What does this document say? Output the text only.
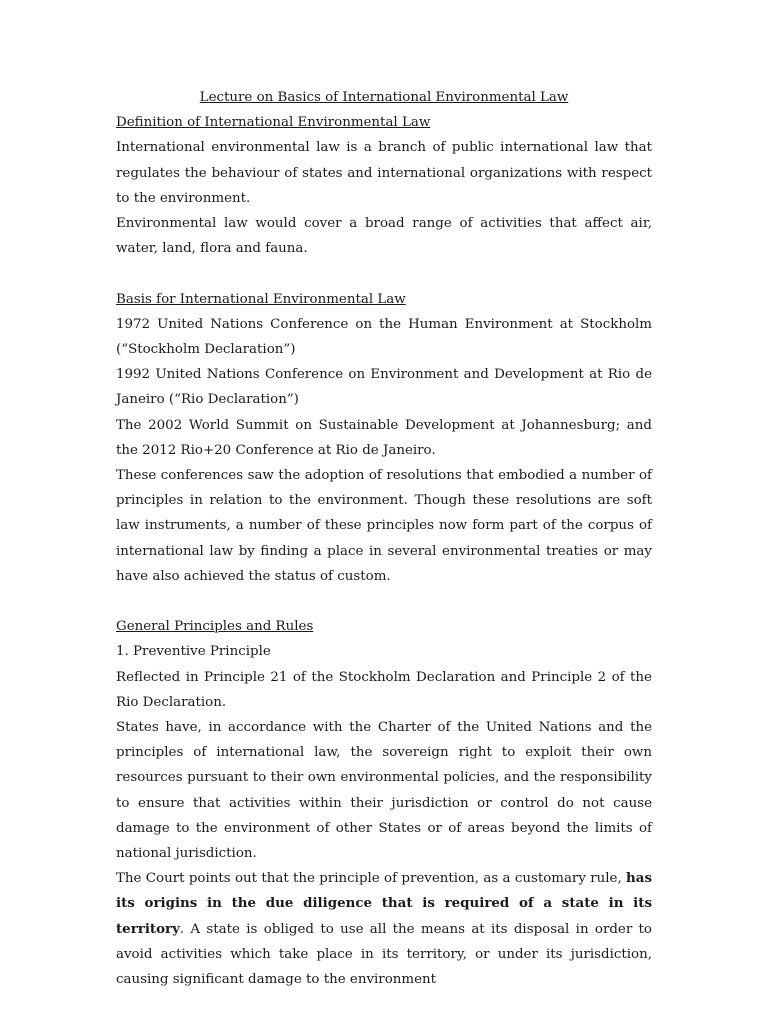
Lecture on Basics of International Environmental Law

Definition of International Environmental Law

International environmental law is a branch of public international law that regulates the behaviour of states and international organizations with respect to the environment.

Environmental law would cover a broad range of activities that affect air, water, land, flora and fauna.

Basis for International Environmental Law

1972 United Nations Conference on the Human Environment at Stockholm (“Stockholm Declaration”)

1992 United Nations Conference on Environment and Development at Rio de Janeiro (“Rio Declaration”)

The 2002 World Summit on Sustainable Development at Johannesburg; and the 2012 Rio+20 Conference at Rio de Janeiro.

These conferences saw the adoption of resolutions that embodied a number of principles in relation to the environment. Though these resolutions are soft law instruments, a number of these principles now form part of the corpus of international law by finding a place in several environmental treaties or may have also achieved the status of custom.

General Principles and Rules

1. Preventive Principle

Reflected in Principle 21 of the Stockholm Declaration and Principle 2 of the Rio Declaration.

States have, in accordance with the Charter of the United Nations and the principles of international law, the sovereign right to exploit their own resources pursuant to their own environmental policies, and the responsibility to ensure that activities within their jurisdiction or control do not cause damage to the environment of other States or of areas beyond the limits of national jurisdiction.

The Court points out that the principle of prevention, as a customary rule, has its origins in the due diligence that is required of a state in its territory. A state is obliged to use all the means at its disposal in order to avoid activities which take place in its territory, or under its jurisdiction, causing significant damage to the environment
